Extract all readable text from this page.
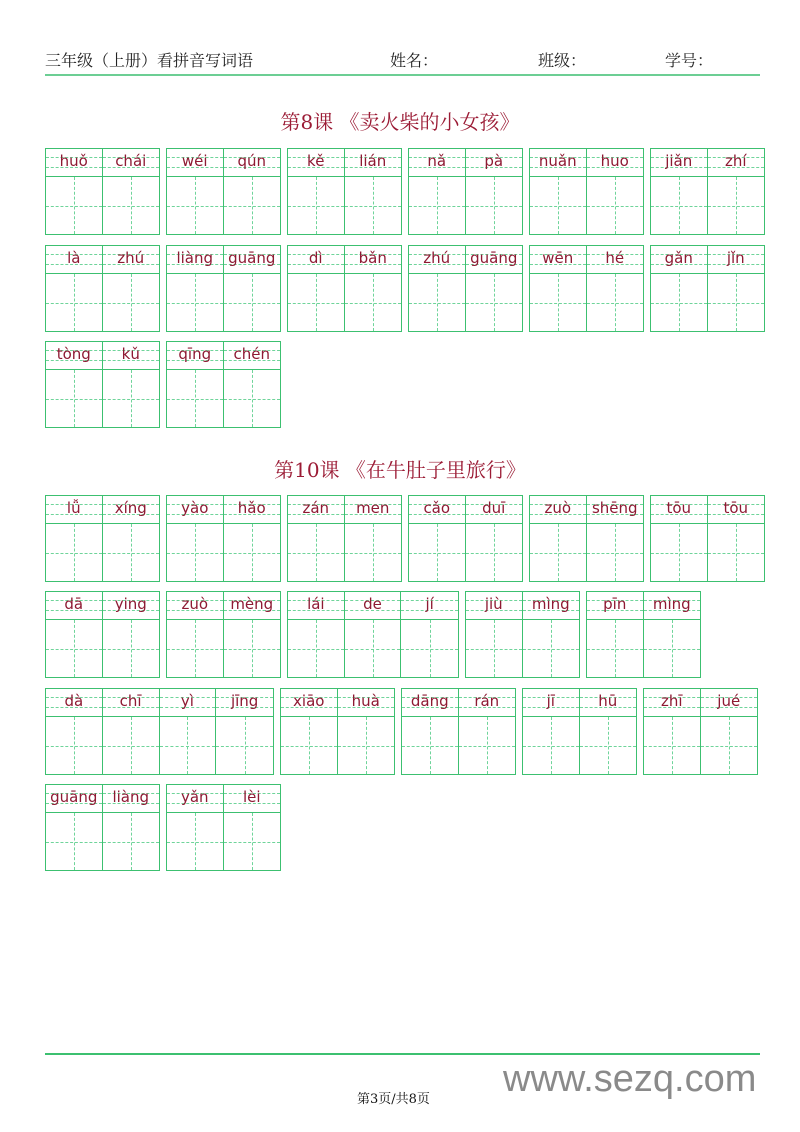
三年级（上册）看拼音写词语	姓名：	班级：	学号：
第8课 《卖火柴的小女孩》
第10课 《在牛肚子里旅行》
huǒ	chái	wéi	qún	kě	lián	nǎ	pà	nuǎn	huo	jiǎn	zhí
là	zhú	liàng	guāng	dì	bǎn	zhú	guāng	wēn	hé	gǎn	jǐn
tòng	kǔ	qīng	chén
lǚ	xíng	yào	hǎo	zán	men	cǎo	duī	zuò	shēng	tōu	tōu
dā	ying	zuò	mèng	lái	de	jí	jiù	mìng	pīn	mìng
dà	chī	yì	jīng	xiāo	huà	dāng	rán	jī	hū	zhī	jué
guāng	liàng	yǎn	lèi
第3页/共8页 www.sezq.com
